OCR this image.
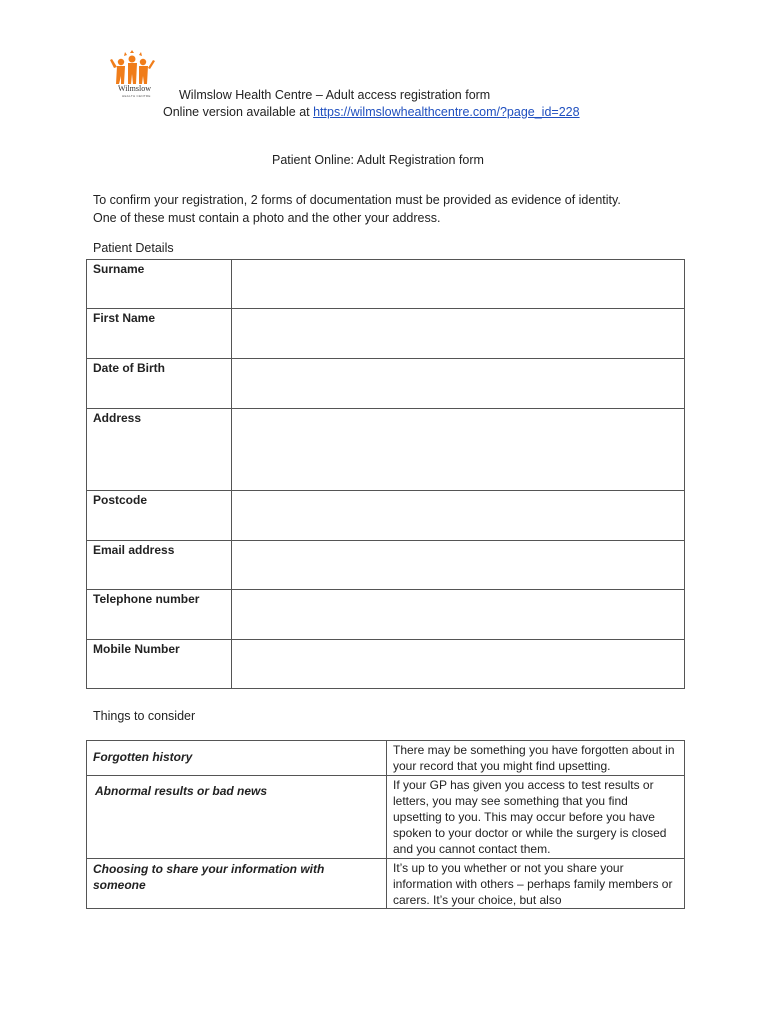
Wilmslow
HEALTH CENTRE Wilmslow Health Centre – Adult access registration form
Online version available at https://wilmslowhealthcentre.com/?page_id=228
Patient Online: Adult Registration form
To confirm your registration, 2 forms of documentation must be provided as evidence of identity.
One of these must contain a photo and the other your address.
Patient Details
Surname	
First Name	
Date of Birth	
Address	
Postcode	
Email address	
Telephone number	
Mobile Number	
Things to consider
Forgotten history	There may be something you have forgotten about in your record that you might find upsetting.
Abnormal results or bad news	If your GP has given you access to test results or letters, you may see something that you find upsetting to you. This may occur before you have spoken to your doctor or while the surgery is closed and you cannot contact them.
Choosing to share your information with someone	It’s up to you whether or not you share your information with others – perhaps family members or carers. It’s your choice, but also
